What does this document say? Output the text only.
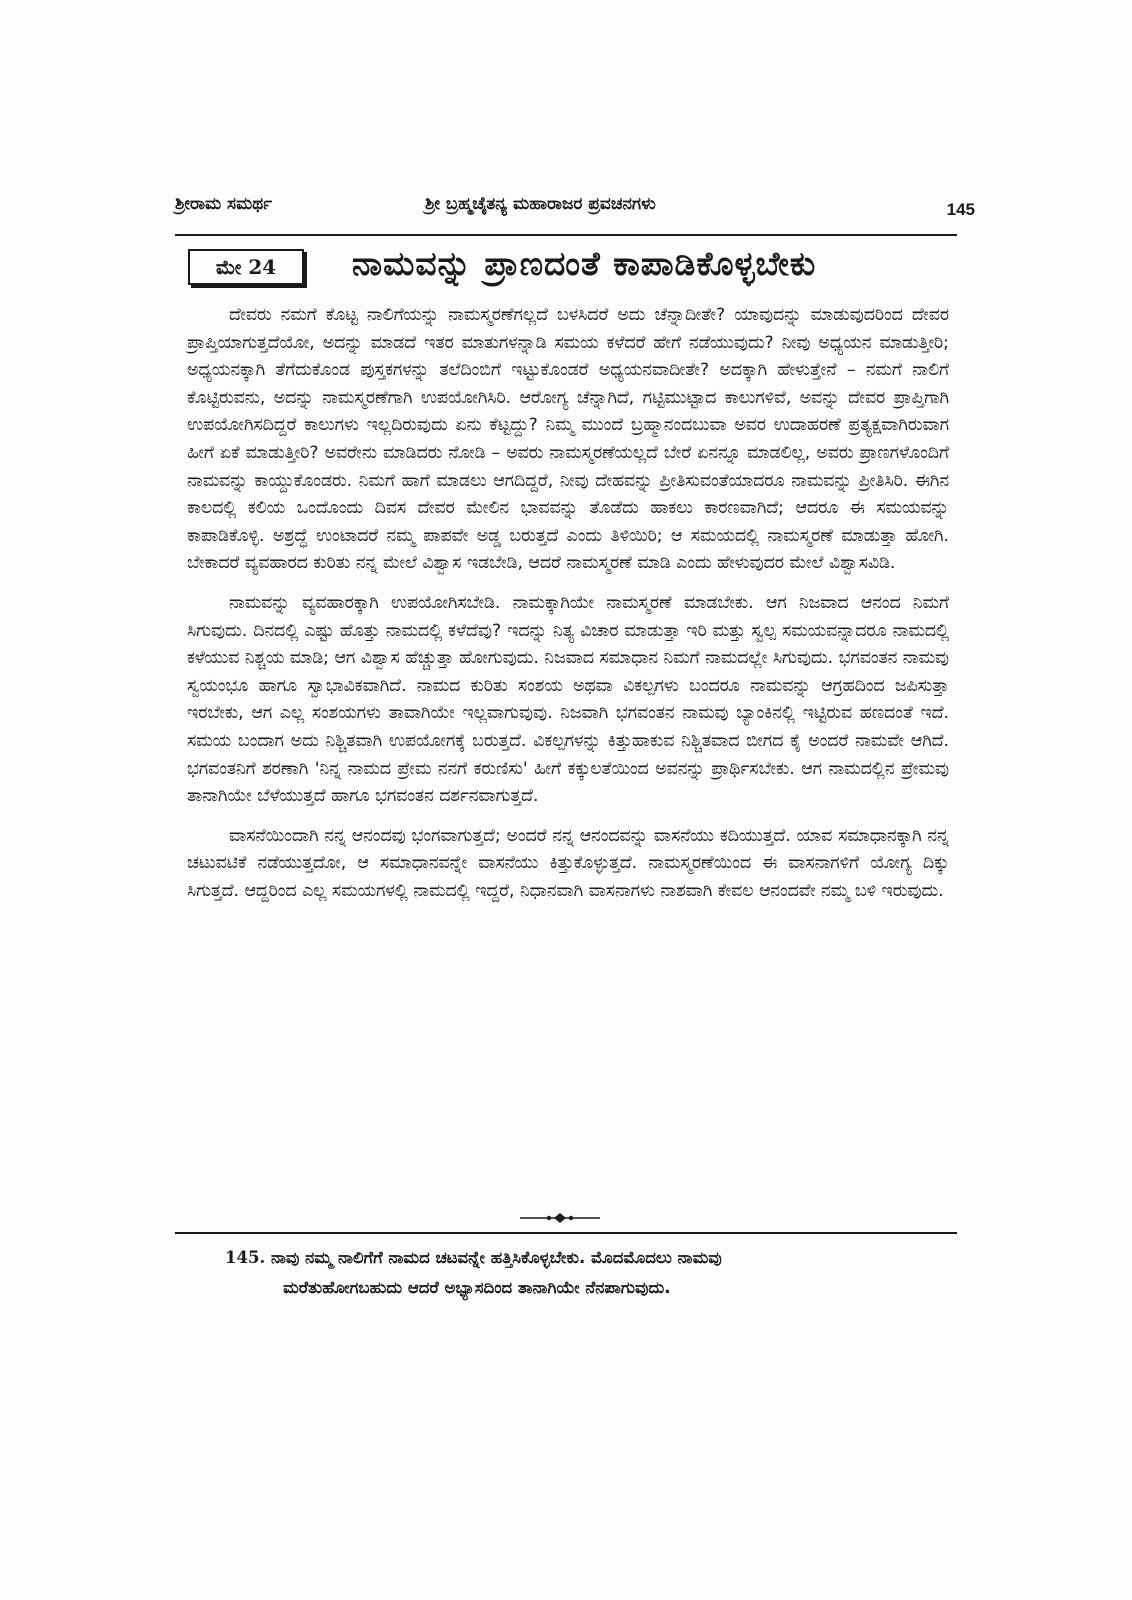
ಶ್ರೀರಾಮ ಸಮರ್ಥ	ಶ್ರೀ ಬ್ರಹ್ಮಚೈತನ್ಯ ಮಹಾರಾಜರ ಪ್ರವಚನಗಳು	145
ಮೇ 24 ನಾಮವನ್ನು ಪ್ರಾಣದಂತೆ ಕಾಪಾಡಿಕೊಳ್ಳಬೇಕು

ದೇವರು ನಮಗೆ ಕೊಟ್ಟ ನಾಲಿಗೆಯನ್ನು ನಾಮಸ್ಮರಣೆಗಲ್ಲದೆ ಬಳಸಿದರೆ ಅದು ಚೆನ್ನಾದೀತೇ? ಯಾವುದನ್ನು ಮಾಡುವುದರಿಂದ ದೇವರ ಪ್ರಾಪ್ತಿಯಾಗುತ್ತದೆಯೋ, ಅದನ್ನು ಮಾಡದೆ ಇತರ ಮಾತುಗಳನ್ನಾಡಿ ಸಮಯ ಕಳೆದರೆ ಹೇಗೆ ನಡೆಯುವುದು? ನೀವು ಅಧ್ಯಯನ ಮಾಡುತ್ತೀರಿ; ಅಧ್ಯಯನಕ್ಕಾಗಿ ತೆಗೆದುಕೊಂಡ ಪುಸ್ತಕಗಳನ್ನು ತಲೆದಿಂಬಿಗೆ ಇಟ್ಟುಕೊಂಡರೆ ಅಧ್ಯಯನವಾದೀತೇ? ಅದಕ್ಕಾಗಿ ಹೇಳುತ್ತೇನೆ – ನಮಗೆ ನಾಲಿಗೆ ಕೊಟ್ಟಿರುವನು, ಅದನ್ನು ನಾಮಸ್ಮರಣೆಗಾಗಿ ಉಪಯೋಗಿಸಿರಿ. ಆರೋಗ್ಯ ಚೆನ್ನಾಗಿದೆ, ಗಟ್ಟಿಮುಟ್ಟಾದ ಕಾಲುಗಳಿವೆ, ಅವನ್ನು ದೇವರ ಪ್ರಾಪ್ತಿಗಾಗಿ ಉಪಯೋಗಿಸದಿದ್ದರೆ ಕಾಲುಗಳು ಇಲ್ಲದಿರುವುದು ಏನು ಕೆಟ್ಟದ್ದು? ನಿಮ್ಮ ಮುಂದೆ ಬ್ರಹ್ಮಾನಂದಬುವಾ ಅವರ ಉದಾಹರಣೆ ಪ್ರತ್ಯಕ್ಷವಾಗಿರುವಾಗ ಹೀಗೆ ಏಕೆ ಮಾಡುತ್ತೀರಿ? ಅವರೇನು ಮಾಡಿದರು ನೋಡಿ – ಅವರು ನಾಮಸ್ಮರಣೆಯಲ್ಲದೆ ಬೇರೆ ಏನನ್ನೂ ಮಾಡಲಿಲ್ಲ, ಅವರು ಪ್ರಾಣಗಳೊಂದಿಗೆ ನಾಮವನ್ನು ಕಾಯ್ದುಕೊಂಡರು. ನಿಮಗೆ ಹಾಗೆ ಮಾಡಲು ಆಗದಿದ್ದರೆ, ನೀವು ದೇಹವನ್ನು ಪ್ರೀತಿಸುವಂತೆಯಾದರೂ ನಾಮವನ್ನು ಪ್ರೀತಿಸಿರಿ. ಈಗಿನ ಕಾಲದಲ್ಲಿ ಕಲಿಯ ಒಂದೊಂದು ದಿವಸ ದೇವರ ಮೇಲಿನ ಭಾವವನ್ನು ತೊಡೆದು ಹಾಕಲು ಕಾರಣವಾಗಿದೆ; ಆದರೂ ಈ ಸಮಯವನ್ನು ಕಾಪಾಡಿಕೊಳ್ಳಿ. ಅಶ್ರದ್ಧೆ ಉಂಟಾದರೆ ನಮ್ಮ ಪಾಪವೇ ಅಡ್ಡ ಬರುತ್ತದೆ ಎಂದು ತಿಳಿಯಿರಿ; ಆ ಸಮಯದಲ್ಲಿ ನಾಮಸ್ಮರಣೆ ಮಾಡುತ್ತಾ ಹೋಗಿ. ಬೇಕಾದರೆ ವ್ಯವಹಾರದ ಕುರಿತು ನನ್ನ ಮೇಲೆ ವಿಶ್ವಾಸ ಇಡಬೇಡಿ, ಆದರೆ ನಾಮಸ್ಮರಣೆ ಮಾಡಿ ಎಂದು ಹೇಳುವುದರ ಮೇಲೆ ವಿಶ್ವಾಸವಿಡಿ.

ನಾಮವನ್ನು ವ್ಯವಹಾರಕ್ಕಾಗಿ ಉಪಯೋಗಿಸಬೇಡಿ. ನಾಮಕ್ಕಾಗಿಯೇ ನಾಮಸ್ಮರಣೆ ಮಾಡಬೇಕು. ಆಗ ನಿಜವಾದ ಆನಂದ ನಿಮಗೆ ಸಿಗುವುದು. ದಿನದಲ್ಲಿ ಎಷ್ಟು ಹೊತ್ತು ನಾಮದಲ್ಲಿ ಕಳೆದೆವು? ಇದನ್ನು ನಿತ್ಯ ವಿಚಾರ ಮಾಡುತ್ತಾ ಇರಿ ಮತ್ತು ಸ್ವಲ್ಪ ಸಮಯವನ್ನಾದರೂ ನಾಮದಲ್ಲಿ ಕಳೆಯುವ ನಿಶ್ಚಯ ಮಾಡಿ; ಆಗ ವಿಶ್ವಾಸ ಹೆಚ್ಚುತ್ತಾ ಹೋಗುವುದು. ನಿಜವಾದ ಸಮಾಧಾನ ನಿಮಗೆ ನಾಮದಲ್ಲೇ ಸಿಗುವುದು. ಭಗವಂತನ ನಾಮವು ಸ್ವಯಂಭೂ ಹಾಗೂ ಸ್ವಾಭಾವಿಕವಾಗಿದೆ. ನಾಮದ ಕುರಿತು ಸಂಶಯ ಅಥವಾ ವಿಕಲ್ಪಗಳು ಬಂದರೂ ನಾಮವನ್ನು ಆಗ್ರಹದಿಂದ ಜಪಿಸುತ್ತಾ ಇರಬೇಕು, ಆಗ ಎಲ್ಲ ಸಂಶಯಗಳು ತಾವಾಗಿಯೇ ಇಲ್ಲವಾಗುವುವು. ನಿಜವಾಗಿ ಭಗವಂತನ ನಾಮವು ಬ್ಯಾಂಕಿನಲ್ಲಿ ಇಟ್ಟಿರುವ ಹಣದಂತೆ ಇದೆ. ಸಮಯ ಬಂದಾಗ ಅದು ನಿಶ್ಚಿತವಾಗಿ ಉಪಯೋಗಕ್ಕೆ ಬರುತ್ತದೆ. ವಿಕಲ್ಪಗಳನ್ನು ಕಿತ್ತುಹಾಕುವ ನಿಶ್ಚಿತವಾದ ಬೀಗದ ಕೈ ಅಂದರೆ ನಾಮವೇ ಆಗಿದೆ. ಭಗವಂತನಿಗೆ ಶರಣಾಗಿ 'ನಿನ್ನ ನಾಮದ ಪ್ರೇಮ ನನಗೆ ಕರುಣಿಸು' ಹೀಗೆ ಕಕ್ಕುಲತೆಯಿಂದ ಅವನನ್ನು ಪ್ರಾರ್ಥಿಸಬೇಕು. ಆಗ ನಾಮದಲ್ಲಿನ ಪ್ರೇಮವು ತಾನಾಗಿಯೇ ಬೆಳೆಯುತ್ತದೆ ಹಾಗೂ ಭಗವಂತನ ದರ್ಶನವಾಗುತ್ತದೆ.

ವಾಸನೆಯಿಂದಾಗಿ ನನ್ನ ಆನಂದವು ಭಂಗವಾಗುತ್ತದೆ; ಅಂದರೆ ನನ್ನ ಆನಂದವನ್ನು ವಾಸನೆಯು ಕದಿಯುತ್ತದೆ. ಯಾವ ಸಮಾಧಾನಕ್ಕಾಗಿ ನನ್ನ ಚಟುವಟಿಕೆ ನಡೆಯುತ್ತದೋ, ಆ ಸಮಾಧಾನವನ್ನೇ ವಾಸನೆಯು ಕಿತ್ತುಕೊಳ್ಳುತ್ತದೆ. ನಾಮಸ್ಮರಣೆಯಿಂದ ಈ ವಾಸನಾಗಳಿಗೆ ಯೋಗ್ಯ ದಿಕ್ಕು ಸಿಗುತ್ತದೆ. ಆದ್ದರಿಂದ ಎಲ್ಲ ಸಮಯಗಳಲ್ಲಿ ನಾಮದಲ್ಲಿ ಇದ್ದರೆ, ನಿಧಾನವಾಗಿ ವಾಸನಾಗಳು ನಾಶವಾಗಿ ಕೇವಲ ಆನಂದವೇ ನಮ್ಮ ಬಳಿ ಇರುವುದು.

145. ನಾವು ನಮ್ಮ ನಾಲಿಗೆಗೆ ನಾಮದ ಚಟವನ್ನೇ ಹತ್ತಿಸಿಕೊಳ್ಳಬೇಕು. ಮೊದಮೊದಲು ನಾಮವು
ಮರೆತುಹೋಗಬಹುದು ಆದರೆ ಅಭ್ಯಾಸದಿಂದ ತಾನಾಗಿಯೇ ನೆನಪಾಗುವುದು.
